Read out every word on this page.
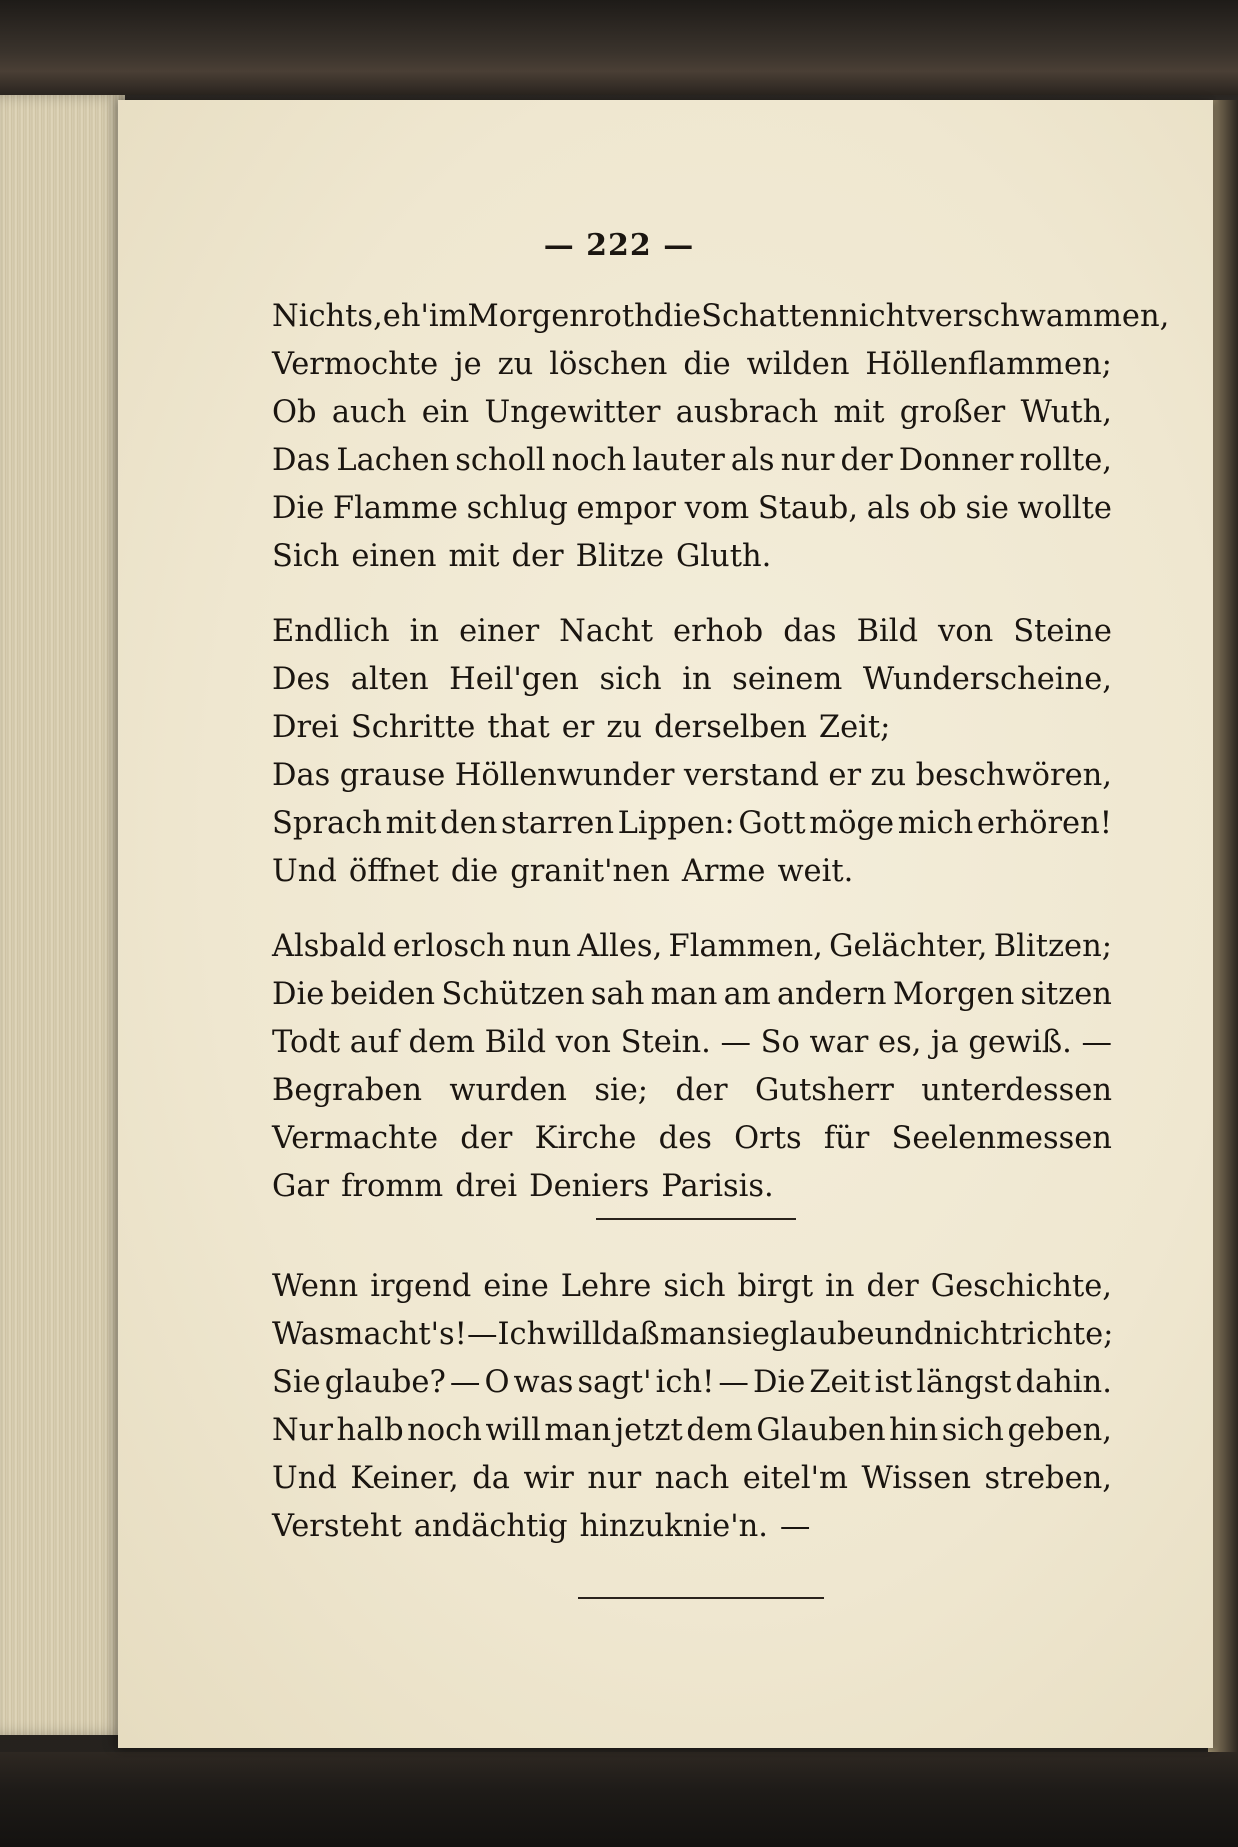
— 222 —
Nichts, eh' im Morgenroth die Schatten nicht verschwammen,
Vermochte je zu löschen die wilden Höllenflammen;
Ob auch ein Ungewitter ausbrach mit großer Wuth,
Das Lachen scholl noch lauter als nur der Donner rollte,
Die Flamme schlug empor vom Staub, als ob sie wollte
Sich einen mit der Blitze Gluth.
Endlich in einer Nacht erhob das Bild von Steine
Des alten Heil'gen sich in seinem Wunderscheine,
Drei Schritte that er zu derselben Zeit;
Das grause Höllenwunder verstand er zu beschwören,
Sprach mit den starren Lippen: Gott möge mich erhören!
Und öffnet die granit'nen Arme weit.
Alsbald erlosch nun Alles, Flammen, Gelächter, Blitzen;
Die beiden Schützen sah man am andern Morgen sitzen
Todt auf dem Bild von Stein. — So war es, ja gewiß. —
Begraben wurden sie; der Gutsherr unterdessen
Vermachte der Kirche des Orts für Seelenmessen
Gar fromm drei Deniers Parisis.
Wenn irgend eine Lehre sich birgt in der Geschichte,
Was macht's! — Ich will daß man sie glaube und nicht richte;
Sie glaube? — O was sagt' ich! — Die Zeit ist längst dahin.
Nur halb noch will man jetzt dem Glauben hin sich geben,
Und Keiner, da wir nur nach eitel'm Wissen streben,
Versteht andächtig hinzuknie'n. —
